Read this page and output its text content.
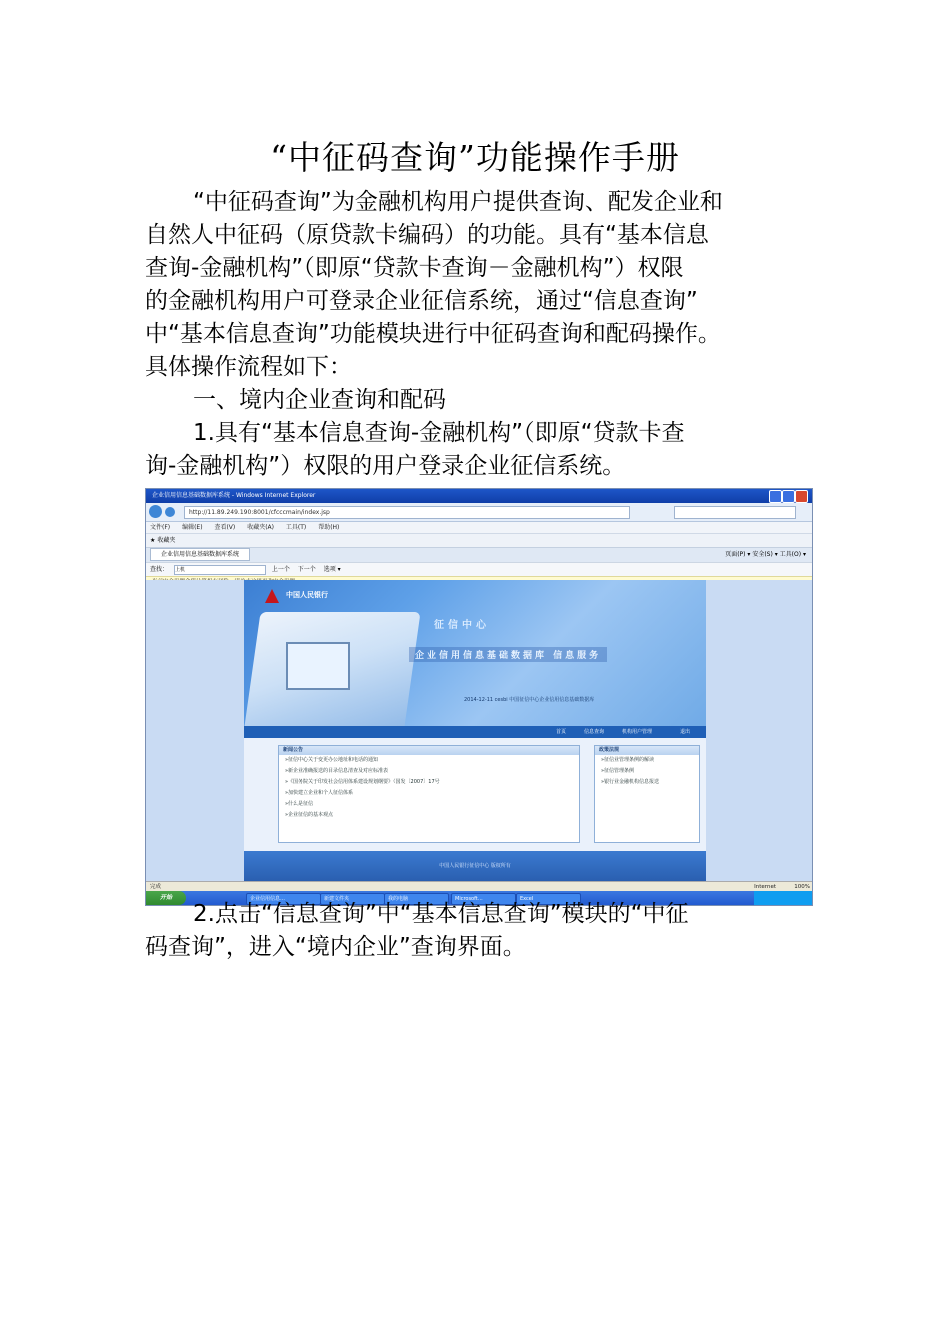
“中征码查询”功能操作手册
“中征码查询”为金融机构用户提供查询、配发企业和
自然人中征码（原贷款卡编码）的功能。具有“基本信息
查询-金融机构”（即原“贷款卡查询－金融机构”）权限
的金融机构用户可登录企业征信系统，通过“信息查询”
中“基本信息查询”功能模块进行中征码查询和配码操作。
具体操作流程如下：
一、境内企业查询和配码
1.具有“基本信息查询-金融机构”（即原“贷款卡查
询-金融机构”）权限的用户登录企业征信系统。
企业信用信息基础数据库系统 - Windows Internet Explorer
http://11.89.249.190:8001/cfcccmain/index.jsp
文件(F) 编辑(E) 查看(V) 收藏夹(A) 工具(T) 帮助(H)
★ 收藏夹
企业信用信息基础数据库系统	页面(P) ▾ 安全(S) ▾ 工具(O) ▾
查找： 上机	上一个 下一个 选项 ▾
中国人民银行
征信中心
企业信用信息基础数据库 信息服务
2014-12-11 cesbi 中国征信中心企业信用信息基础数据库
首页	信息查询	机构用户管理	退出
新闻公告
»征信中心关于变更办公地址和电话的通知
»新企业准确报送的目录信息清查及对应标准表
»《国务院关于印发社会信用体系建设规划纲要》（国发〔2007〕17号
»加快建立企业和个人征信体系
»什么是征信
»企业征信的基本观点
政策法规
»征信业管理条例的解读
»征信管理条例
»银行业金融机构信息报送
中国人民银行征信中心 版权所有
完成	Internet	100%
开始	企业信用信息…	新建文件夹	我的电脑	Microsoft…	Excel
2.点击“信息查询”中“基本信息查询”模块的“中征
码查询”，进入“境内企业”查询界面。
